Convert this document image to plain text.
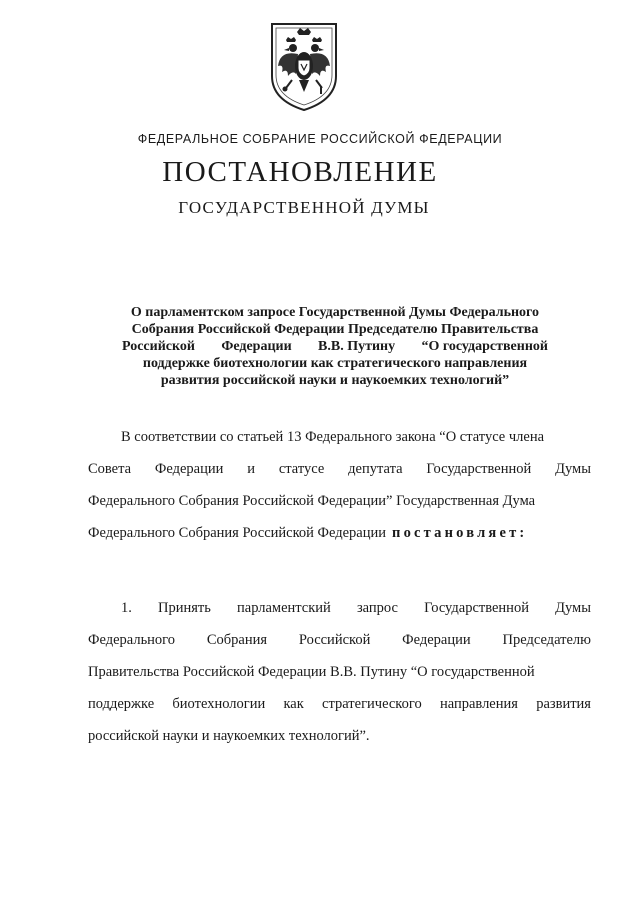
ФЕДЕРАЛЬНОЕ СОБРАНИЕ РОССИЙСКОЙ ФЕДЕРАЦИИ
ПОСТАНОВЛЕНИЕ
ГОСУДАРСТВЕННОЙ ДУМЫ
О парламентском запросе Государственной Думы Федерального
Собрания Российской Федерации Председателю Правительства
Российской Федерации В.В. Путину “О государственной
поддержке биотехнологии как стратегического направления
развития российской науки и наукоемких технологий”
В соответствии со статьей 13 Федерального закона “О статусе члена
Совета Федерации и статусе депутата Государственной Думы
Федерального Собрания Российской Федерации” Государственная Дума
Федерального Собрания Российской Федерации постановляет:
1. Принять парламентский запрос Государственной Думы
Федерального Собрания Российской Федерации Председателю
Правительства Российской Федерации В.В. Путину “О государственной
поддержке биотехнологии как стратегического направления развития
российской науки и наукоемких технологий”.
